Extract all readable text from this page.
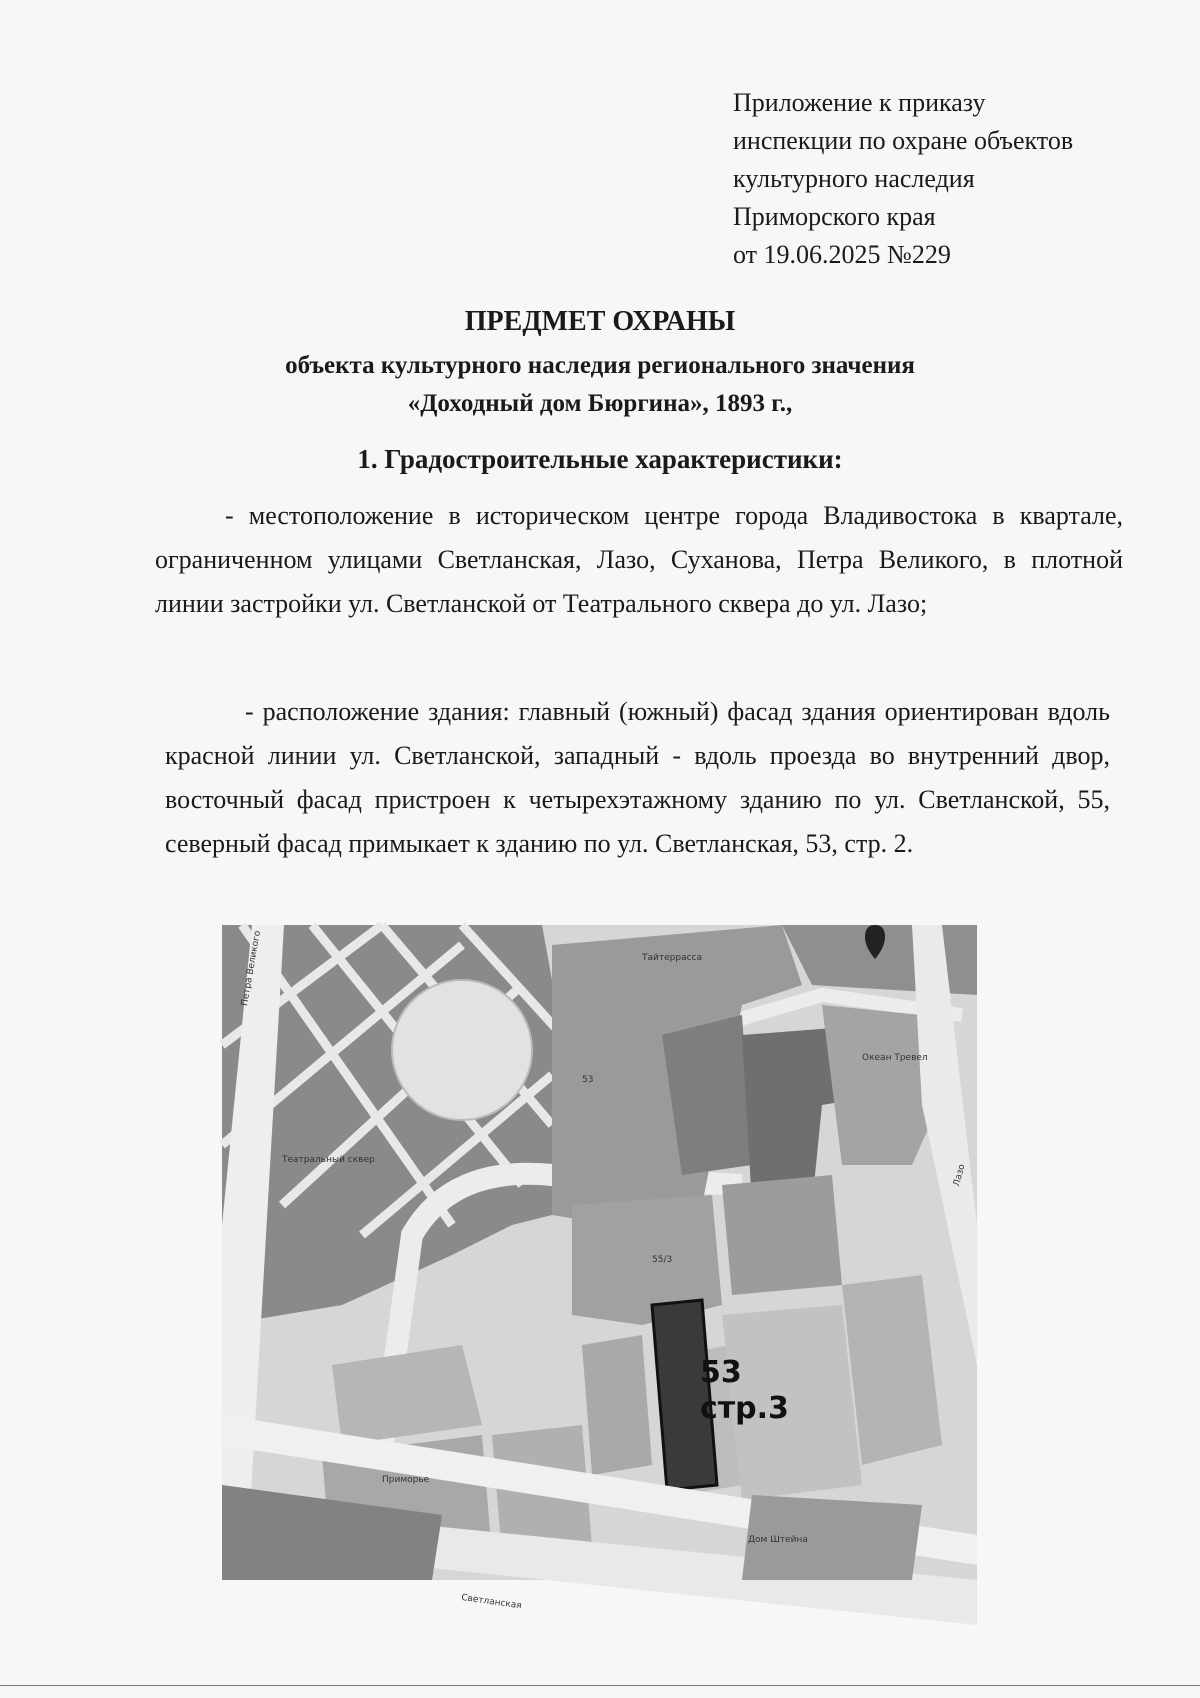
Приложение к приказу
инспекции по охране объектов
культурного наследия
Приморского края
от 19.06.2025 №229
ПРЕДМЕТ ОХРАНЫ
объекта культурного наследия регионального значения
«Доходный дом Бюргина», 1893 г.,
1. Градостроительные характеристики:
- местоположение в историческом центре города Владивостока в квартале, ограниченном улицами Светланская, Лазо, Суханова, Петра Великого, в плотной линии застройки ул. Светланской от Театрального сквера до ул. Лазо;
- расположение здания: главный (южный) фасад здания ориентирован вдоль красной линии ул. Светланской, западный - вдоль проезда во внутренний двор, восточный фасад пристроен к четырехэтажному зданию по ул. Светланской, 55, северный фасад примыкает к зданию по ул. Светланская, 53, стр. 2.
Петра Великого
Театральный сквер
Тайтеррасса
Океан Тревел
53
55/3
Приморье
Светланская
Дом Штейна
Лазо
53
стр.3
